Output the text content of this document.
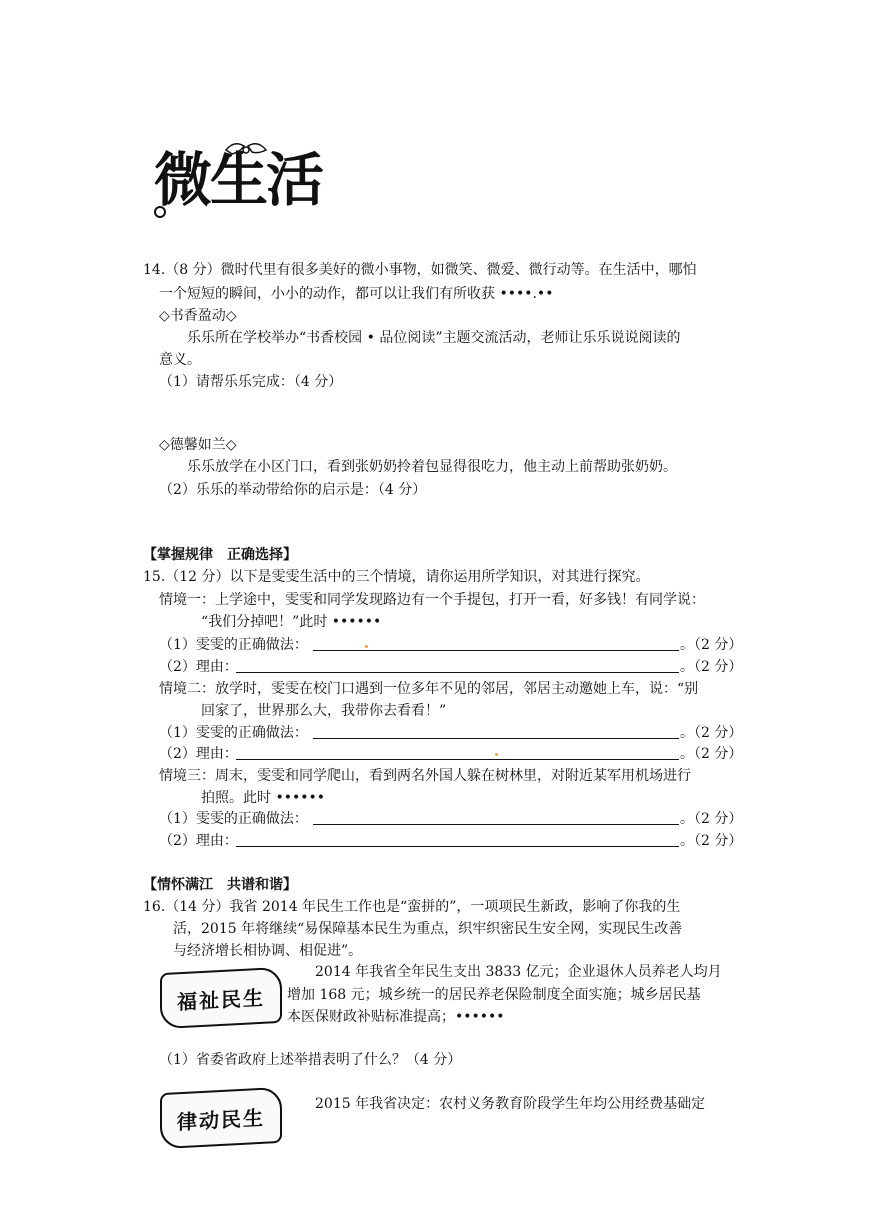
微生活
14.（8 分）微时代里有很多美好的微小事物，如微笑、微爱、微行动等。在生活中，哪怕
一个短短的瞬间，小小的动作，都可以让我们有所收获 ••••.••
◇书香盈动◇
乐乐所在学校举办“书香校园 • 品位阅读”主题交流活动，老师让乐乐说说阅读的
意义。
（1）请帮乐乐完成：（4 分）
◇德馨如兰◇
乐乐放学在小区门口，看到张奶奶拎着包显得很吃力，他主动上前帮助张奶奶。
（2）乐乐的举动带给你的启示是：（4 分）
【掌握规律　正确选择】
15.（12 分）以下是雯雯生活中的三个情境，请你运用所学知识，对其进行探究。
情境一：上学途中，雯雯和同学发现路边有一个手提包，打开一看，好多钱！有同学说：
“我们分掉吧！”此时 ••••••
（1）雯雯的正确做法：	。（2 分）
（2）理由：	。（2 分）
情境二：放学时，雯雯在校门口遇到一位多年不见的邻居，邻居主动邀她上车，说：“别
回家了，世界那么大，我带你去看看！”
（1）雯雯的正确做法：	。（2 分）
（2）理由：	。（2 分）
情境三：周末，雯雯和同学爬山，看到两名外国人躲在树林里，对附近某军用机场进行
拍照。此时 ••••••
（1）雯雯的正确做法：	。（2 分）
（2）理由：	。（2 分）
【情怀满江　共谱和谐】
16.（14 分）我省 2014 年民生工作也是“蛮拼的”，一项项民生新政，影响了你我的生
活，2015 年将继续“易保障基本民生为重点，织牢织密民生安全网，实现民生改善
与经济增长相协调、相促进”。
福祉民生
2014 年我省全年民生支出 3833 亿元；企业退休人员养老人均月
增加 168 元；城乡统一的居民养老保险制度全面实施；城乡居民基
本医保财政补贴标准提高；••••••
（1）省委省政府上述举措表明了什么？（4 分）
律动民生
2015 年我省决定：农村义务教育阶段学生年均公用经费基础定
